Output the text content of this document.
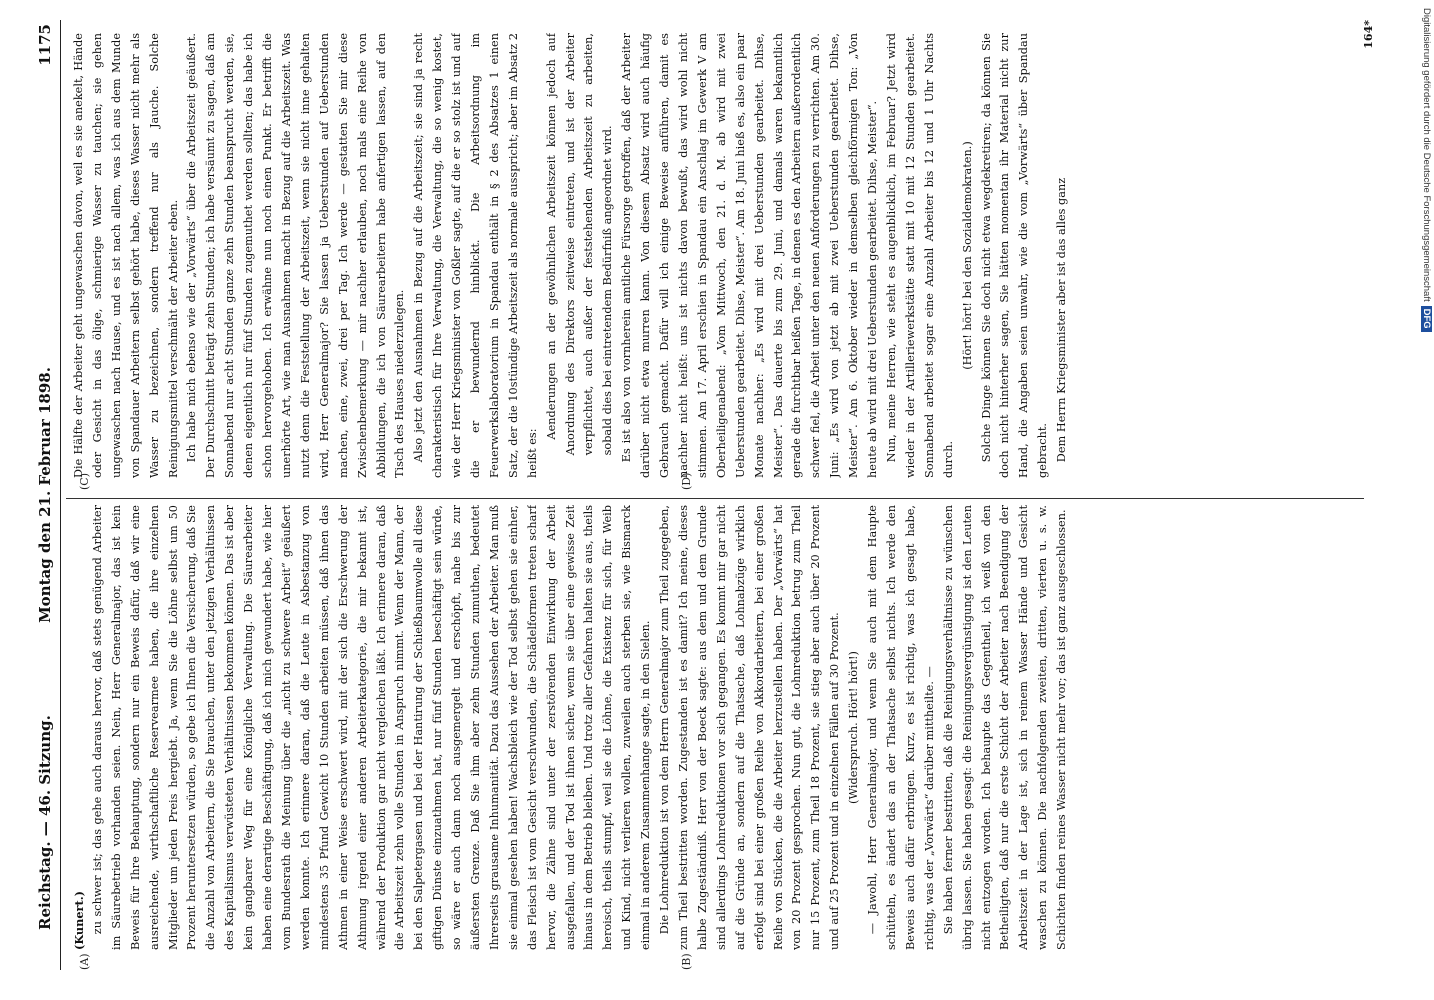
Reichstag. — 46. Sitzung.
Montag den 21. Februar 1898.
1175
(A)	(B)
(C)	(D)

(Kunert.) zu schwer ist; das gehe auch daraus hervor, daß stets genügend Arbeiter im Säurebetrieb vorhanden seien. Nein, Herr Generalmajor, das ist kein Beweis für Ihre Behauptung, sondern nur ein Beweis dafür, daß wir eine ausreichende, wirthschaftliche Reservearmee haben, die ihre einzelnen Mitglieder um jeden Preis hergiebt. Ja, wenn Sie die Löhne selbst um 50 Prozent heruntersetzen würden, so gebe ich Ihnen die Versicherung, daß Sie die Anzahl von Arbeitern, die Sie brauchen, unter den jetzigen Verhältnissen des Kapitalismus verwüsteten Verhältnissen bekommen können. Das ist aber kein gangbarer Weg für eine Königliche Verwaltung. Die Säurearbeiter haben eine derartige Beschäftigung, daß ich mich gewundert habe, wie hier vom Bundesrath die Meinung über die „nicht zu schwere Arbeit“ geäußert werden konnte. Ich erinnere daran, daß die Leute in Asbestanzug von mindestens 35 Pfund Gewicht 10 Stunden arbeiten müssen, daß ihnen das Athmen in einer Weise erschwert wird, mit der sich die Erschwerung der Athmung irgend einer anderen Arbeiterkategorie, die mir bekannt ist, während der Produktion gar nicht vergleichen läßt. Ich erinnere daran, daß die Arbeitszeit zehn volle Stunden in Anspruch nimmt. Wenn der Mann, der bei den Salpetergasen und bei der Hantirung der Schießbaumwolle all diese giftigen Dünste einzuathmen hat, nur fünf Stunden beschäftigt sein würde, so wäre er auch dann noch ausgemergelt und erschöpft, nahe bis zur äußersten Grenze. Daß Sie ihm aber zehn Stunden zumuthen, bedeutet Ihrerseits grausame Inhumanität. Dazu das Aussehen der Arbeiter. Man muß sie einmal gesehen haben! Wachsbleich wie der Tod selbst gehen sie einher, das Fleisch ist vom Gesicht verschwunden, die Schädelformen treten scharf hervor, die Zähne sind unter der zerstörenden Einwirkung der Arbeit ausgefallen, und der Tod ist ihnen sicher, wenn sie über eine gewisse Zeit hinaus in dem Betrieb bleiben. Und trotz aller Gefahren halten sie aus, theils heroisch, theils stumpf, weil sie die Löhne, die Existenz für sich, für Weib und Kind, nicht verlieren wollen, zuweilen auch sterben sie, wie Bismarck einmal in anderem Zusammenhange sagte, in den Sielen. Die Lohnreduktion ist von dem Herrn Generalmajor zum Theil zugegeben, zum Theil bestritten worden. Zugestanden ist es damit? Ich meine, dieses halbe Zugeständniß. Herr von der Boeck sagte: aus dem und dem Grunde sind allerdings Lohnreduktionen vor sich gegangen. Es kommt mir gar nicht auf die Gründe an, sondern auf die Thatsache, daß Lohnabzüge wirklich erfolgt sind bei einer großen Reihe von Akkordarbeitern, bei einer großen Reihe von Stücken, die die Arbeiter herzustellen haben. Der „Vorwärts“ hat von 20 Prozent gesprochen. Nun gut, die Lohnreduktion betrug zum Theil nur 15 Prozent, zum Theil 18 Prozent, sie stieg aber auch über 20 Prozent und auf 25 Prozent und in einzelnen Fällen auf 30 Prozent. (Widerspruch. Hört! hört!) — Jawohl, Herr Generalmajor, und wenn Sie auch mit dem Haupte schütteln, es ändert das an der Thatsache selbst nichts. Ich werde den Beweis auch dafür erbringen. Kurz, es ist richtig, was ich gesagt habe, richtig, was der „Vorwärts“ darüber mittheilte. — Sie haben ferner bestritten, daß die Reinigungsverhältnisse zu wünschen übrig lassen. Sie haben gesagt: die Reinigungsvergünstigung ist den Leuten nicht entzogen worden. Ich behaupte das Gegentheil, ich weiß von den Betheiligten, daß nur die erste Schicht der Arbeiter nach Beendigung der Arbeitszeit in der Lage ist, sich in reinem Wasser Hände und Gesicht waschen zu können. Die nachfolgenden zweiten, dritten, vierten u. s. w. Schichten finden reines Wasser nicht mehr vor; das ist ganz ausgeschlossen.

Die Hälfte der Arbeiter geht ungewaschen davon, weil es sie anekelt, Hände oder Gesicht in das ölige, schmierige Wasser zu tauchen; sie gehen ungewaschen nach Hause, und es ist nach allem, was ich aus dem Munde von Spandauer Arbeitern selbst gehört habe, dieses Wasser nicht mehr als Wasser zu bezeichnen, sondern treffend nur als Jauche. Solche Reinigungsmittel verschmäht der Arbeiter eben. Ich habe mich ebenso wie der „Vorwärts“ über die Arbeitszeit geäußert. Der Durchschnitt beträgt zehn Stunden; ich habe versäumt zu sagen, daß am Sonnabend nur acht Stunden ganze zehn Stunden beansprucht werden, sie, denen eigentlich nur fünf Stunden zugemuthet werden sollten; das habe ich schon hervorgehoben. Ich erwähne nun noch einen Punkt. Er betrifft die unerhörte Art, wie man Ausnahmen macht in Bezug auf die Arbeitszeit. Was nutzt denn die Feststellung der Arbeitszeit, wenn sie nicht inne gehalten wird, Herr Generalmajor? Sie lassen ja Ueberstunden auf Ueberstunden machen, eine, zwei, drei per Tag. Ich werde — gestatten Sie mir diese Zwischenbemerkung — mir nachher erlauben, noch mals eine Reihe von Abbildungen, die ich von Säurearbeitern habe anfertigen lassen, auf den Tisch des Hauses niederzulegen. Also jetzt den Ausnahmen in Bezug auf die Arbeitszeit; sie sind ja recht charakteristisch für Ihre Verwaltung, die Verwaltung, die so wenig kostet, wie der Herr Kriegsminister von Goßler sagte, auf die er so stolz ist und auf die er bewundernd hinblickt. Die Arbeitsordnung im Feuerwerkslaboratorium in Spandau enthält in § 2 des Absatzes 1 einen Satz, der die 10stündige Arbeitszeit als normale ausspricht; aber im Absatz 2 heißt es:

Aenderungen an der gewöhnlichen Arbeitszeit können jedoch auf Anordnung des Direktors zeitweise eintreten, und ist der Arbeiter verpflichtet, auch außer der feststehenden Arbeitszeit zu arbeiten, sobald dies bei eintretendem Bedürfniß angeordnet wird. Es ist also von vornherein amtliche Fürsorge getroffen, daß der Arbeiter darüber nicht etwa murren kann. Von diesem Absatz wird auch häufig Gebrauch gemacht. Dafür will ich einige Beweise anführen, damit es nachher nicht heißt: uns ist nichts davon bewußt, das wird wohl nicht stimmen. Am 17. April erschien in Spandau ein Anschlag im Gewerk V am Oberheiligenabend: „Vom Mittwoch, den 21. d. M. ab wird mit zwei Ueberstunden gearbeitet. Dihse, Meister“. Am 18. Juni hieß es, also ein paar Monate nachher: „Es wird mit drei Ueberstunden gearbeitet. Dihse, Meister“. Das dauerte bis zum 29. Juni, und damals waren bekanntlich gerade die furchtbar heißen Tage, in denen es den Arbeitern außerordentlich schwer fiel, die Arbeit unter den neuen Anforderungen zu verrichten. Am 30. Juni: „Es wird von jetzt ab mit zwei Ueberstunden gearbeitet. Dihse, Meister“. Am 6. Oktober wieder in demselben gleichförmigen Ton: „Von heute ab wird mit drei Ueberstunden gearbeitet. Dihse, Meister“. Nun, meine Herren, wie steht es augenblicklich, im Februar? Jetzt wird wieder in der Artilleriewerkstätte statt mit 10 mit 12 Stunden gearbeitet. Sonnabend arbeitet sogar eine Anzahl Arbeiter bis 12 und 1 Uhr Nachts durch.

(Hört! hört! bei den Sozialdemokraten.) Solche Dinge können Sie doch nicht etwa wegdekretiren; da können Sie doch nicht hinterher sagen, Sie hätten momentan ihr Material nicht zur Hand, die Angaben seien unwahr, wie die vom „Vorwärts“ über Spandau gebracht. Dem Herrn Kriegsminister aber ist das alles ganz

164*	Digitalisierung gefördert durch die Deutsche ForschungsgemeinschaftDFG
